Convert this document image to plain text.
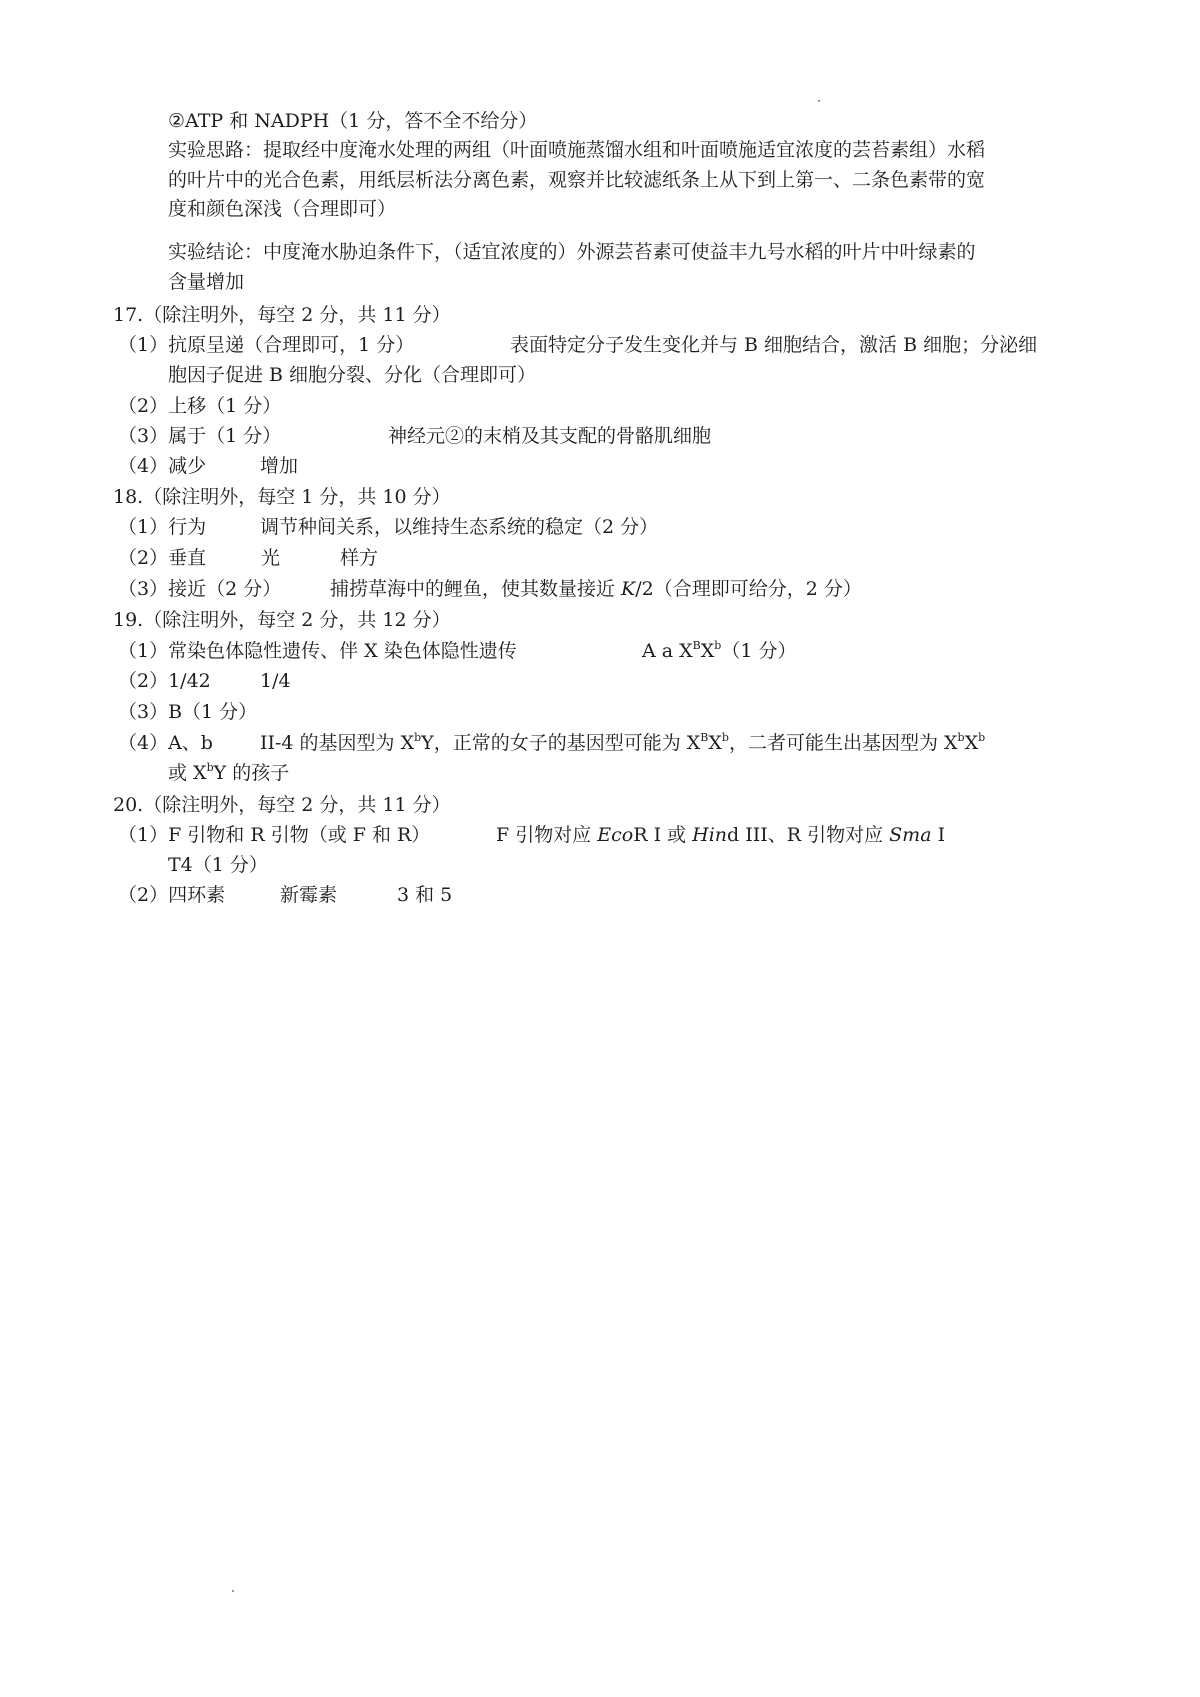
②ATP 和 NADPH（1 分，答不全不给分）
实验思路：提取经中度淹水处理的两组（叶面喷施蒸馏水组和叶面喷施适宜浓度的芸苔素组）水稻
的叶片中的光合色素，用纸层析法分离色素，观察并比较滤纸条上从下到上第一、二条色素带的宽
度和颜色深浅（合理即可）
实验结论：中度淹水胁迫条件下，（适宜浓度的）外源芸苔素可使益丰九号水稻的叶片中叶绿素的
含量增加
17.（除注明外，每空 2 分，共 11 分）
（1）抗原呈递（合理即可，1 分）	表面特定分子发生变化并与 B 细胞结合，激活 B 细胞；分泌细
胞因子促进 B 细胞分裂、分化（合理即可）
（2）上移（1 分）
（3）属于（1 分）	神经元②的末梢及其支配的骨骼肌细胞
（4）减少	增加
18.（除注明外，每空 1 分，共 10 分）
（1）行为	调节种间关系，以维持生态系统的稳定（2 分）
（2）垂直	光	样方
（3）接近（2 分）	捕捞草海中的鲤鱼，使其数量接近 K/2（合理即可给分，2 分）
19.（除注明外，每空 2 分，共 12 分）
（1）常染色体隐性遗传、伴 X 染色体隐性遗传	A a $X^BX^b(1$ 分）
（2）1/42	1/4
（3）B（1 分）
（4）A、b II-4 的基因型为 $X^bY$，正常的女子的基因型可能为 $X^BX^b$，二者可能生出基因型为 $X^bX^b$
或 $X^bY$ 的孩子
20.（除注明外，每空 2 分，共 11 分）
（1）F 引物和 R 引物（或 F 和 R）	F 引物对应 EcoR I 或 Hind III、R 引物对应 Sma I
T4（1 分）
（2）四环素	新霉素	3 和 5
